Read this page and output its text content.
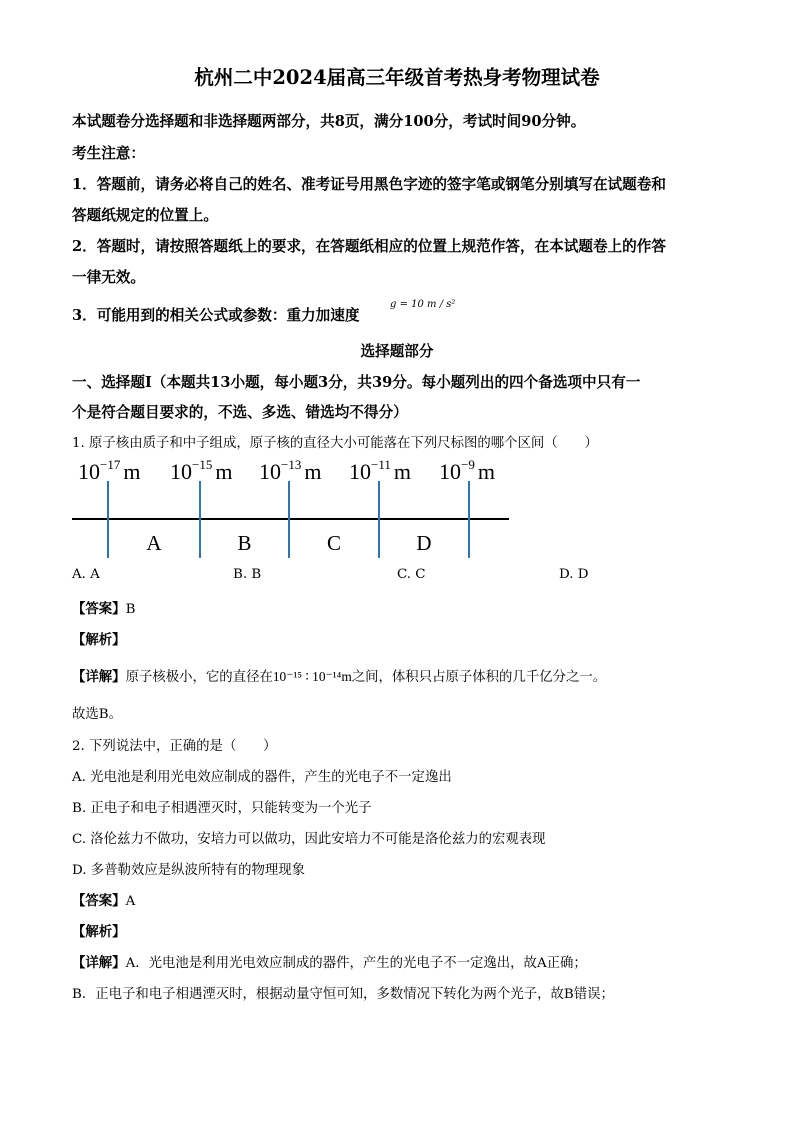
杭州二中2024届高三年级首考热身考物理试卷
本试题卷分选择题和非选择题两部分，共8页，满分100分，考试时间90分钟。
考生注意：
1．答题前，请务必将自己的姓名、准考证号用黑色字迹的签字笔或钢笔分别填写在试题卷和
答题纸规定的位置上。
2．答题时，请按照答题纸上的要求，在答题纸相应的位置上规范作答，在本试题卷上的作答
一律无效。
3．可能用到的相关公式或参数：重力加速度
g = 10 m / s²
选择题部分
一、选择题Ⅰ（本题共13小题，每小题3分，共39分。每小题列出的四个备选项中只有一
个是符合题目要求的，不选、多选、错选均不得分）
1. 原子核由质子和中子组成，原子核的直径大小可能落在下列尺标图的哪个区间（　　）
$10^{-17}$ m $10^{-15}$ m $10^{-13}$ m $10^{-11}$ m $10^{-9}$ m
A	B	C	D
A. A	B. B	C. C	D. D
【答案】B
【解析】
【详解】原子核极小，它的直径在10⁻¹⁵ ∶ 10⁻¹⁴m之间，体积只占原子体积的几千亿分之一。
故选B。
2. 下列说法中，正确的是（　　）
A. 光电池是利用光电效应制成的器件，产生的光电子不一定逸出
B. 正电子和电子相遇湮灭时，只能转变为一个光子
C. 洛伦兹力不做功，安培力可以做功，因此安培力不可能是洛伦兹力的宏观表现
D. 多普勒效应是纵波所特有的物理现象
【答案】A
【解析】
【详解】A．光电池是利用光电效应制成的器件，产生的光电子不一定逸出，故A正确；
B．正电子和电子相遇湮灭时，根据动量守恒可知，多数情况下转化为两个光子，故B错误；
